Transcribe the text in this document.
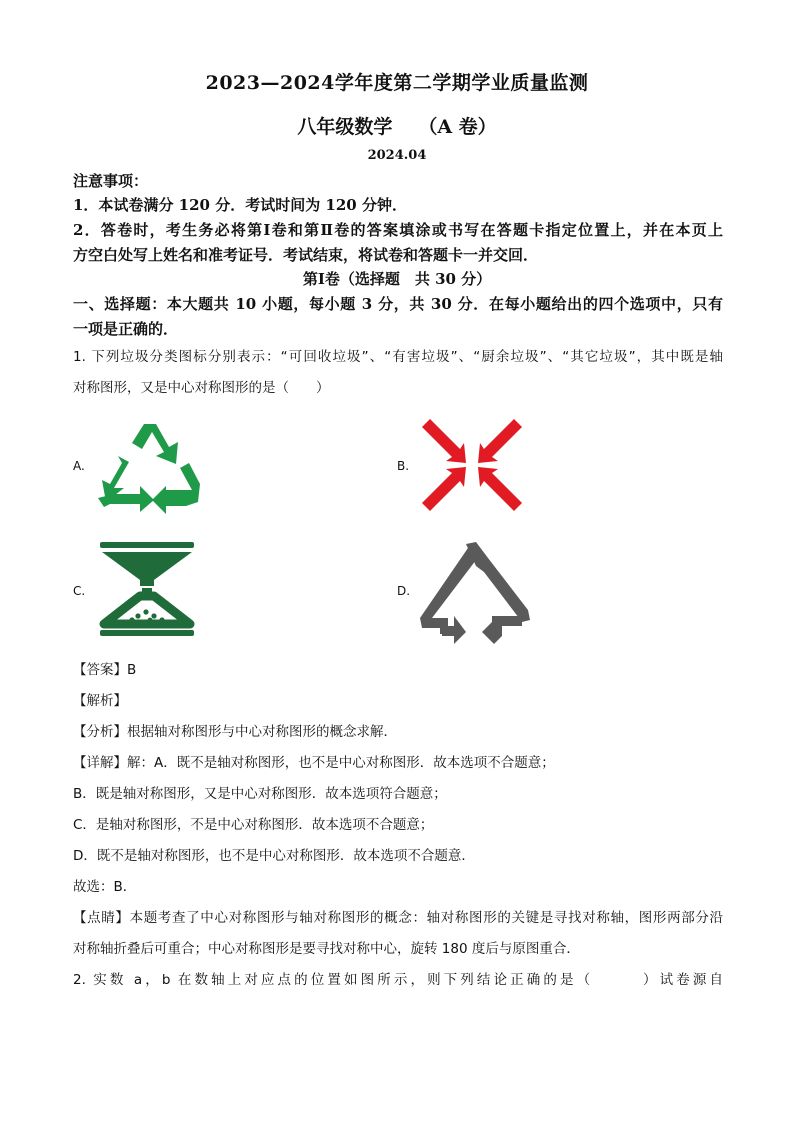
2023—2024学年度第二学期学业质量监测
八年级数学 （A 卷）
2024.04
注意事项：
1．本试卷满分 120 分．考试时间为 120 分钟．
2．答卷时，考生务必将第Ⅰ卷和第Ⅱ卷的答案填涂或书写在答题卡指定位置上，并在本页上
方空白处写上姓名和准考证号．考试结束，将试卷和答题卡一并交回．
第Ⅰ卷（选择题　共 30 分）
一、选择题：本大题共 10 小题，每小题 3 分，共 30 分．在每小题给出的四个选项中，只有
一项是正确的．
1. 下列垃圾分类图标分别表示：“可回收垃圾”、“有害垃圾”、“厨余垃圾”、“其它垃圾”，其中既是轴
对称图形，又是中心对称图形的是（　　）
A.	B.
C.	D.
【答案】B
【解析】
【分析】根据轴对称图形与中心对称图形的概念求解．
【详解】解：A．既不是轴对称图形，也不是中心对称图形．故本选项不合题意；
B．既是轴对称图形，又是中心对称图形．故本选项符合题意；
C．是轴对称图形，不是中心对称图形．故本选项不合题意；
D．既不是轴对称图形，也不是中心对称图形．故本选项不合题意．
故选：B．
【点睛】本题考查了中心对称图形与轴对称图形的概念：轴对称图形的关键是寻找对称轴，图形两部分沿
对称轴折叠后可重合；中心对称图形是要寻找对称中心，旋转 180 度后与原图重合．
2. 实数 a，b 在数轴上对应点的位置如图所示，则下列结论正确的是（　　　）试卷源自
